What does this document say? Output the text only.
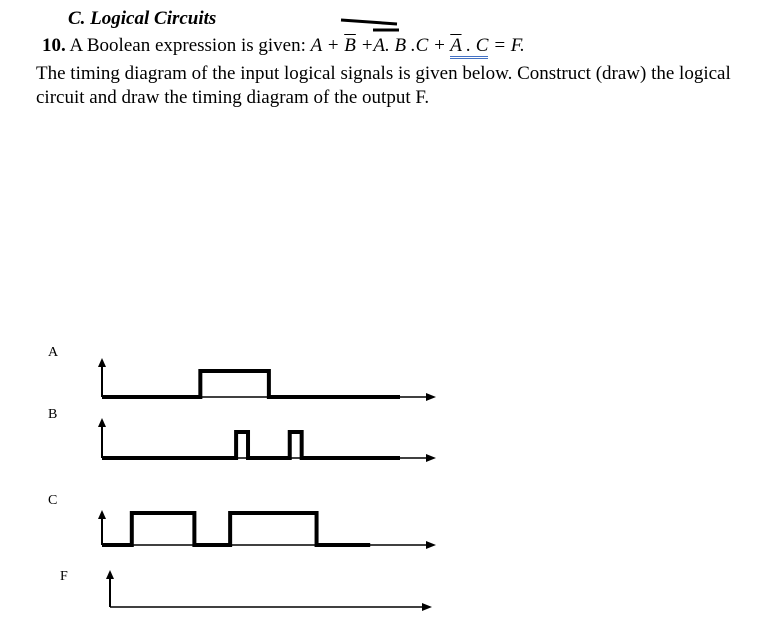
C. Logical Circuits
10. A Boolean expression is given: $A + \overline{B} +A$. B $.C + \overline{A}$ . C = F.

The timing diagram of the input logical signals is given below. Construct (draw) the logical circuit and draw the timing diagram of the output F.

A
B
C
F
